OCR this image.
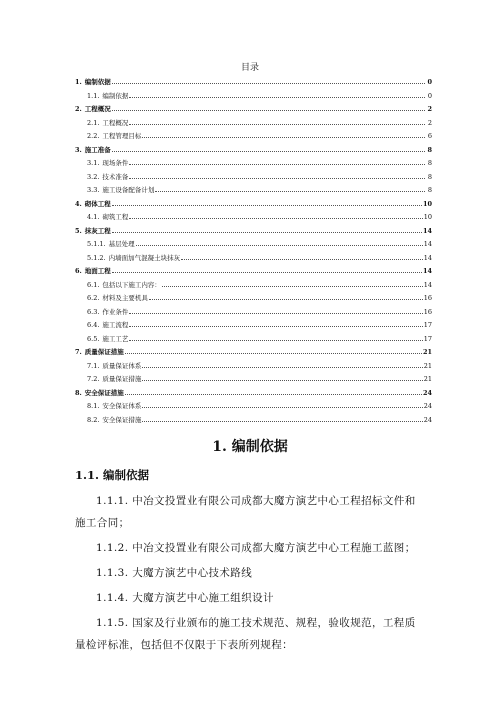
目录
1. 编制依据	0
1.1. 编制依据	0
2. 工程概况	2
2.1. 工程概况	2
2.2. 工程管理目标	6
3. 施工准备	8
3.1. 现场条件	8
3.2. 技术准备	8
3.3. 施工设备配备计划	8
4. 砌体工程	10
4.1. 砌筑工程	10
5. 抹灰工程	14
5.1.1. 基层处理	14
5.1.2. 内墙面加气混凝土块抹灰	14
6. 地面工程	14
6.1. 包括以下施工内容：	14
6.2. 材料及主要机具	16
6.3. 作业条件	16
6.4. 施工流程	17
6.5. 施工工艺	17
7. 质量保证措施	21
7.1. 质量保证体系	21
7.2. 质量保证措施	21
8. 安全保证措施	24
8.1. 安全保证体系	24
8.2. 安全保证措施	24
1. 编制依据
1.1. 编制依据

1.1.1. 中冶文投置业有限公司成都大魔方演艺中心工程招标文件和施工合同；

1.1.2. 中冶文投置业有限公司成都大魔方演艺中心工程施工蓝图；

1.1.3. 大魔方演艺中心技术路线

1.1.4. 大魔方演艺中心施工组织设计

1.1.5. 国家及行业颁布的施工技术规范、规程，验收规范，工程质量检评标准，包括但不仅限于下表所列规程：
